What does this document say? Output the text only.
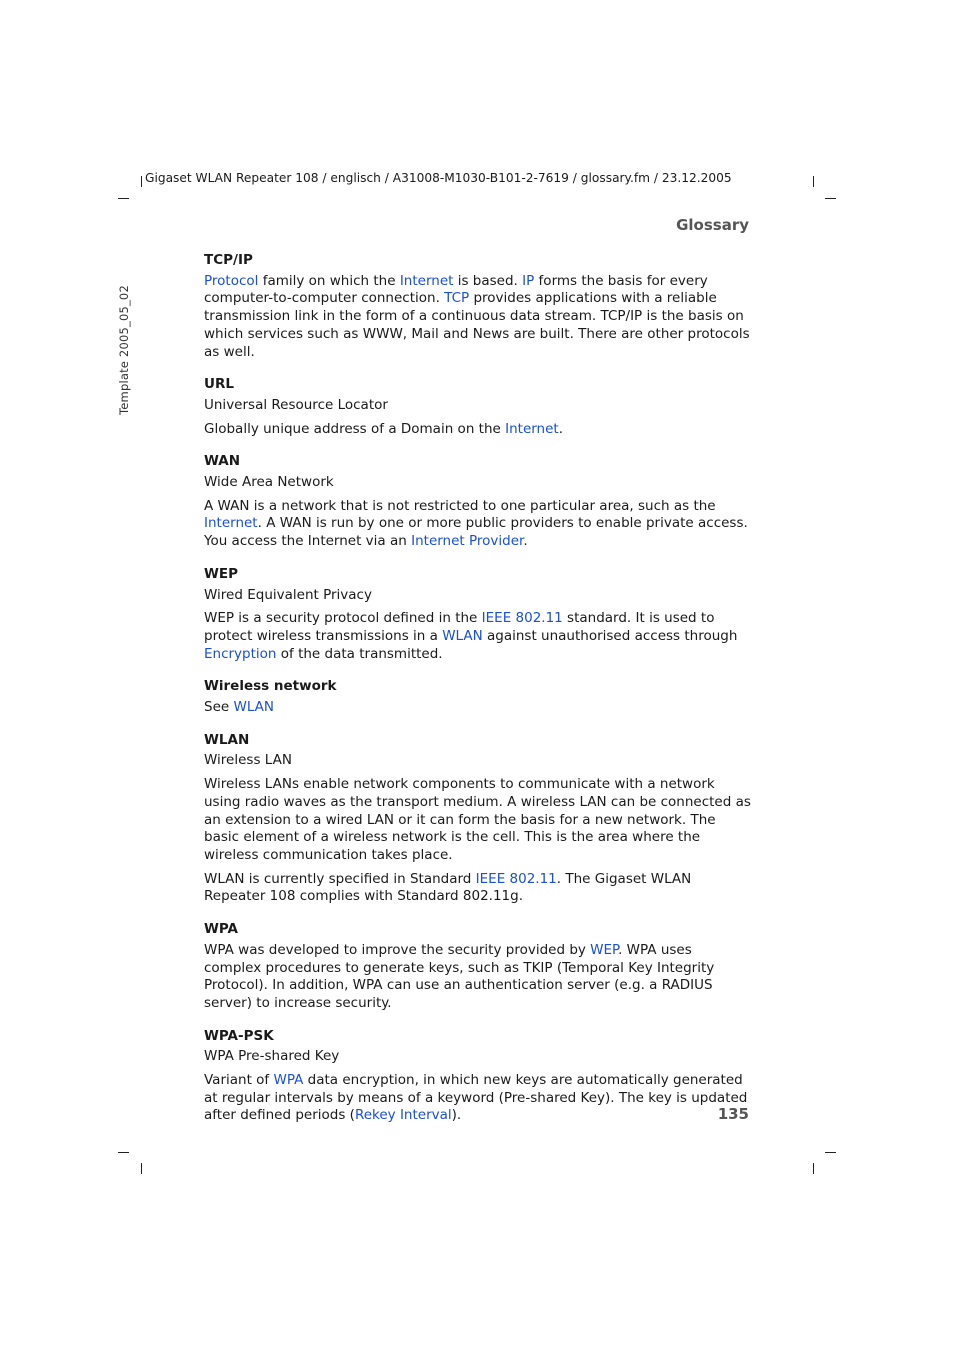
Gigaset WLAN Repeater 108 / englisch / A31008-M1030-B101-2-7619 / glossary.fm / 23.12.2005
Glossary
Template 2005_05_02
TCP/IP
Protocol family on which the Internet is based. IP forms the basis for every computer-to-computer connection. TCP provides applications with a reliable transmission link in the form of a continuous data stream. TCP/IP is the basis on which services such as WWW, Mail and News are built. There are other protocols as well.
URL
Universal Resource Locator
Globally unique address of a Domain on the Internet.
WAN
Wide Area Network
A WAN is a network that is not restricted to one particular area, such as the Internet. A WAN is run by one or more public providers to enable private access. You access the Internet via an Internet Provider.
WEP
Wired Equivalent Privacy
WEP is a security protocol defined in the IEEE 802.11 standard. It is used to protect wireless transmissions in a WLAN against unauthorised access through Encryption of the data transmitted.
Wireless network
See WLAN
WLAN
Wireless LAN
Wireless LANs enable network components to communicate with a network using radio waves as the transport medium. A wireless LAN can be connected as an extension to a wired LAN or it can form the basis for a new network. The basic element of a wireless network is the cell. This is the area where the wireless communication takes place.
WLAN is currently specified in Standard IEEE 802.11. The Gigaset WLAN Repeater 108 complies with Standard 802.11g.
WPA
WPA was developed to improve the security provided by WEP. WPA uses complex procedures to generate keys, such as TKIP (Temporal Key Integrity Protocol). In addition, WPA can use an authentication server (e.g. a RADIUS server) to increase security.
WPA-PSK
WPA Pre-shared Key
Variant of WPA data encryption, in which new keys are automatically generated at regular intervals by means of a keyword (Pre-shared Key). The key is updated after defined periods (Rekey Interval).	135
